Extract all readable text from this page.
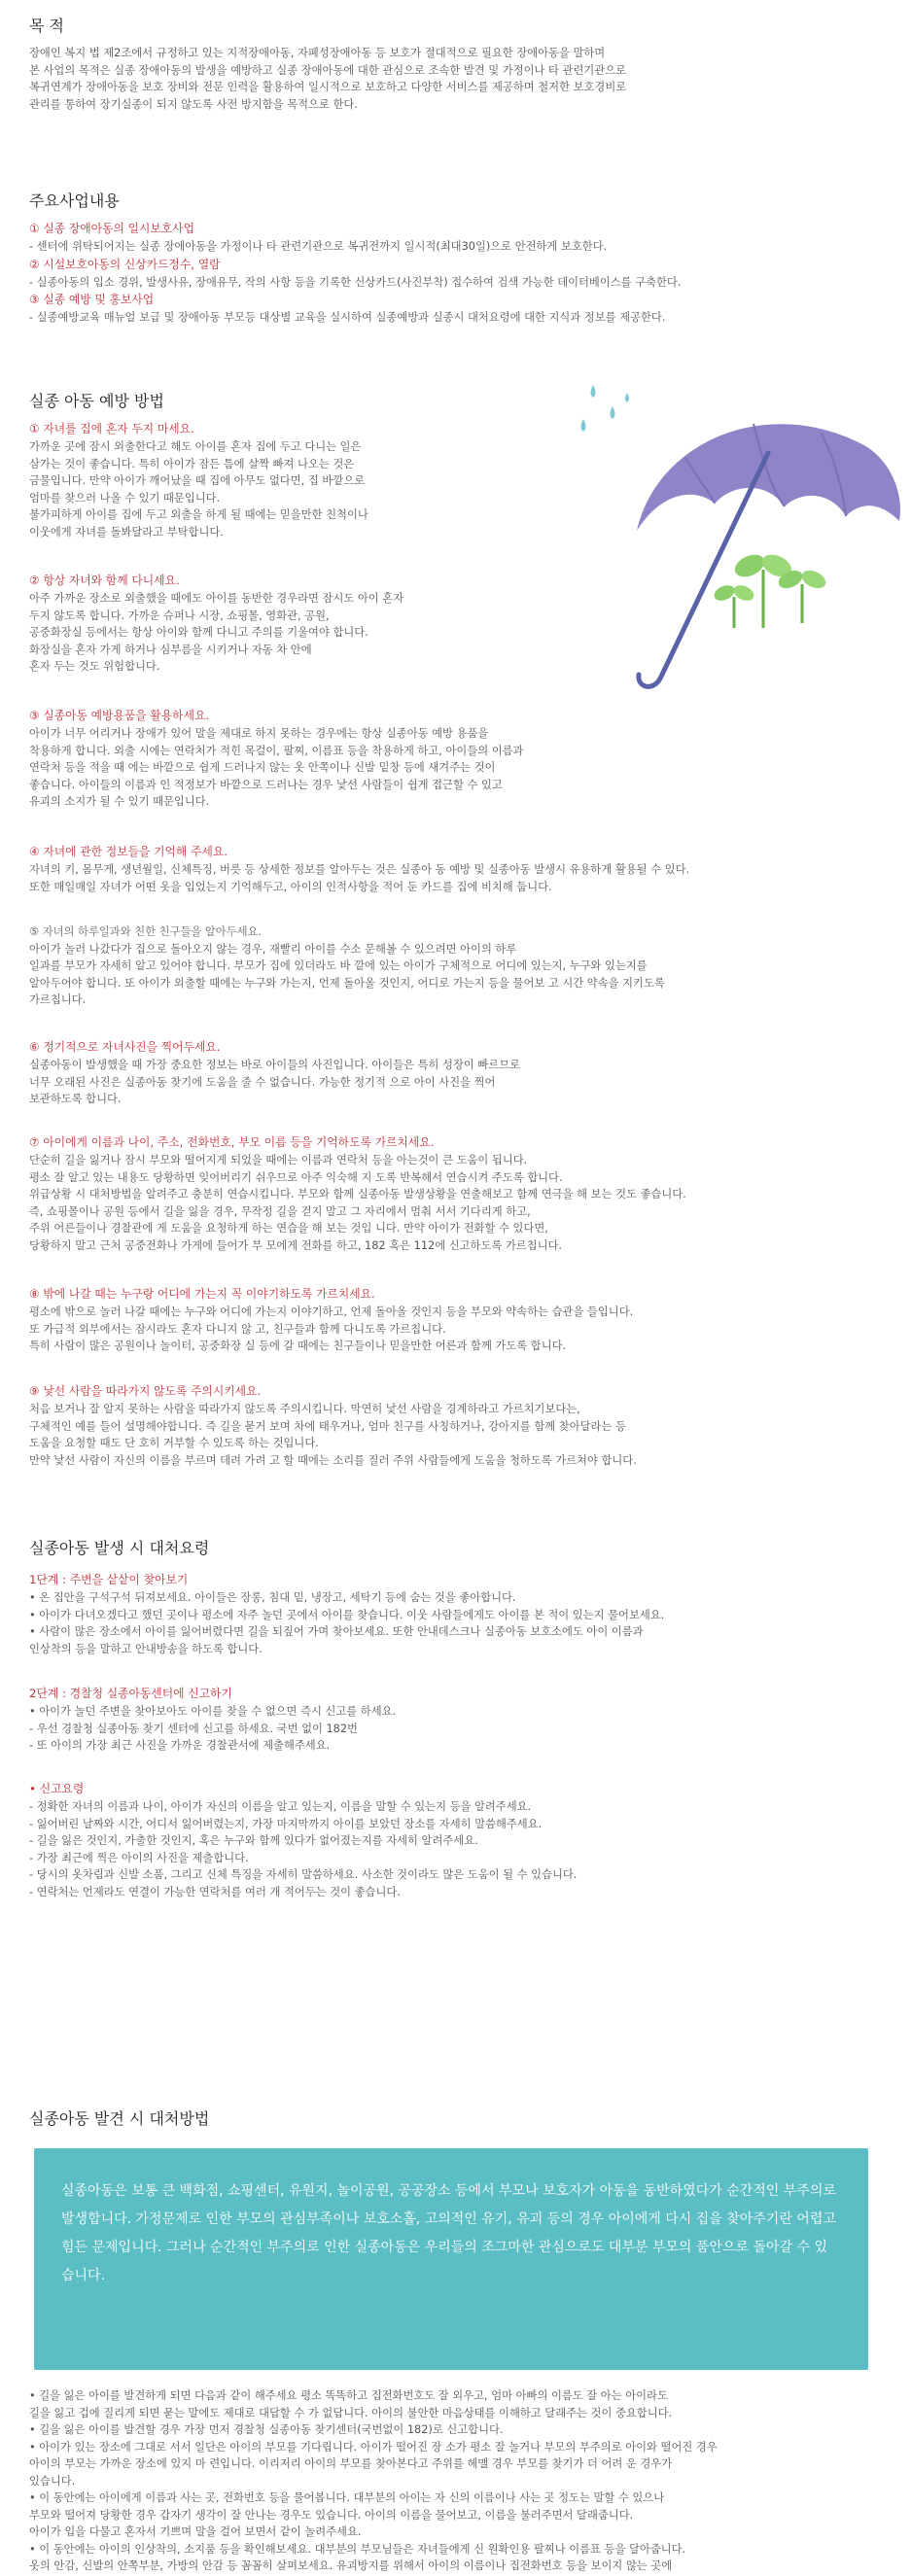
목 적
장애인 복지 법 제2조에서 규정하고 있는 지적장애아동, 자폐성장애아동 등 보호가 절대적으로 필요한 장애아동을 말하며
본 사업의 목적은 실종 장애아동의 발생을 예방하고 실종 장애아동에 대한 관심으로 조속한 발견 및 가정이나 타 관련기관으로
복귀연계가 장애아동을 보호 장비와 전문 인력을 활용하여 일시적으로 보호하고 다양한 서비스를 제공하며 철저한 보호경비로
관리를 통하여 장기실종이 되지 않도록 사전 방지함을 목적으로 한다.
주요사업내용
① 실종 장애아동의 일시보호사업
- 센터에 위탁되어지는 실종 장애아동을 가정이나 타 관련기관으로 복귀전까지 일시적(최대30일)으로 안전하게 보호한다.
② 시설보호아동의 신상카드정수, 열람
- 실종아동의 입소 경위, 발생사유, 장애유무, 작의 사항 등을 기록한 신상카드(사진부착) 접수하여 검색 가능한 데이터베이스를 구축한다.
③ 실종 예방 및 홍보사업
- 실종예방교육 매뉴얼 보급 및 장애아동 부모등 대상별 교육을 실시하여 실종예방과 실종시 대처요령에 대한 지식과 정보를 제공한다.
실종 아동 예방 방법
① 자녀를 집에 혼자 두지 마세요.
가까운 곳에 잠시 외출한다고 해도 아이를 혼자 집에 두고 다니는 일은
삼가는 것이 좋습니다. 특히 아이가 잠든 틈에 살짝 빠져 나오는 것은
금물입니다. 만약 아이가 깨어났을 때 집에 아무도 없다면, 집 바깥으로
엄마를 찾으러 나올 수 있기 때문입니다.
불가피하게 아이를 집에 두고 외출을 하게 될 때에는 믿을만한 친척이나
이웃에게 자녀를 돌봐달라고 부탁합니다.
② 항상 자녀와 함께 다니세요.
아주 가까운 장소로 외출했을 때에도 아이를 동반한 경우라면 잠시도 아이 혼자
두지 않도록 합니다. 가까운 슈퍼나 시장, 쇼핑몰, 영화관, 공원,
공중화장실 등에서는 항상 아이와 함께 다니고 주의를 기울여야 합니다.
화장실을 혼자 가게 하거나 심부름을 시키거나 자동 차 안에
혼자 두는 것도 위험합니다.
③ 실종아동 예방용품을 활용하세요.
아이가 너무 어리거나 장애가 있어 말을 제대로 하지 못하는 경우에는 항상 실종아동 예방 용품을
착용하게 합니다. 외출 시에는 연락처가 적힌 목걸이, 팔찌, 이름표 등을 착용하게 하고, 아이들의 이름과
연락처 등을 적을 때 에는 바깥으로 쉽게 드러나지 않는 옷 안쪽이나 신발 밑창 등에 새겨주는 것이
좋습니다. 아이들의 이름과 인 적정보가 바깥으로 드러나는 경우 낯선 사람들이 쉽게 접근할 수 있고
유괴의 소지가 될 수 있기 때문입니다.
④ 자녀에 관한 정보들을 기억해 주세요.
자녀의 키, 몸무게, 생년월일, 신체특징, 버릇 등 상세한 정보를 알아두는 것은 실종아 동 예방 및 실종아동 발생시 유용하게 활용될 수 있다.
또한 매일매일 자녀가 어떤 옷을 입었는지 기억해두고, 아이의 인적사항을 적어 둔 카드를 집에 비치해 둡니다.
⑤ 자녀의 하루일과와 친한 친구들을 알아두세요.
아이가 놀러 나갔다가 집으로 돌아오지 않는 경우, 재빨리 아이를 수소 문해볼 수 있으려면 아이의 하루
일과를 부모가 자세히 알고 있어야 합니다. 부모가 집에 있더라도 바 깥에 있는 아이가 구체적으로 어디에 있는지, 누구와 있는지를
알아두어야 합니다. 또 아이가 외출할 때에는 누구와 가는지, 언제 돌아올 것인지, 어디로 가는지 등을 물어보 고 시간 약속을 지키도록
가르칩니다.
⑥ 정기적으로 자녀사진을 찍어두세요.
실종아동이 발생했을 때 가장 중요한 정보는 바로 아이들의 사진입니다. 아이들은 특히 성장이 빠르므로
너무 오래된 사진은 실종아동 찾기에 도움을 줄 수 없습니다. 가능한 정기적 으로 아이 사진을 찍어
보관하도록 합니다.
⑦ 아이에게 이름과 나이, 주소, 전화번호, 부모 이름 등을 기억하도록 가르치세요.
단순히 길을 잃거나 잠시 부모와 떨어지게 되었을 때에는 이름과 연락처 등을 아는것이 큰 도움이 됩니다.
평소 잘 알고 있는 내용도 당황하면 잊어버리기 쉬우므로 아주 익숙해 지 도록 반복해서 연습시켜 주도록 합니다.
위급상황 시 대처방법을 알려주고 충분히 연습시킵니다. 부모와 함께 실종아동 발생상황을 연출해보고 함께 연극을 해 보는 것도 좋습니다.
즉, 쇼핑몰이나 공원 등에서 길을 잃을 경우, 무작정 길을 걷지 말고 그 자리에서 멈춰 서서 기다리게 하고,
주위 어른들이나 경찰관에 게 도움을 요청하게 하는 연습을 해 보는 것입 니다. 만약 아이가 전화할 수 있다면,
당황하지 말고 근처 공중전화나 가게에 들어가 부 모에게 전화를 하고, 182 혹은 112에 신고하도록 가르칩니다.
⑧ 밖에 나갈 때는 누구랑 어디에 가는지 꼭 이야기하도록 가르치세요.
평소에 밖으로 놀러 나갈 때에는 누구와 어디에 가는지 이야기하고, 언제 돌아올 것인지 등을 부모와 약속하는 습관을 들입니다.
또 가급적 외부에서는 잠시라도 혼자 다니지 않 고, 친구들과 함께 다니도록 가르칩니다.
특히 사람이 많은 공원이나 놀이터, 공중화장 실 등에 갈 때에는 친구들이나 믿을만한 어른과 함께 가도록 합니다.
⑨ 낯선 사람을 따라가지 않도록 주의시키세요.
처음 보거나 잘 알지 못하는 사람을 따라가지 않도록 주의시킵니다. 막연히 낯선 사람을 경계하라고 가르치기보다는,
구체적인 예를 들어 설명해야합니다. 즉 길을 묻거 보며 차에 태우거나, 엄마 친구를 사칭하거나, 강아지를 함께 찾아달라는 등
도움을 요청할 때도 단 호히 거부할 수 있도록 하는 것입니다.
만약 낯선 사람이 자신의 이름을 부르며 데려 가려 고 할 때에는 소리를 질러 주위 사람들에게 도움을 청하도록 가르쳐야 합니다.
실종아동 발생 시 대처요령
1단계 : 주변을 샅샅이 찾아보기
• 온 집안을 구석구석 뒤져보세요. 아이들은 장롱, 침대 밑, 냉장고, 세탁기 등에 숨는 것을 좋아합니다.
• 아이가 다녀오겠다고 했던 곳이나 평소에 자주 놀던 곳에서 아이를 찾습니다. 이웃 사람들에게도 아이를 본 적이 있는지 물어보세요.
• 사람이 많은 장소에서 아이를 잃어버렸다면 길을 되짚어 가며 찾아보세요. 또한 안내데스크나 실종아동 보호소에도 아이 이름과
인상착의 등을 말하고 안내방송을 하도록 합니다.
2단계 : 경찰청 실종아동센터에 신고하기
• 아이가 놀던 주변을 찾아보아도 아이를 찾을 수 없으면 즉시 신고를 하세요.
- 우선 경찰청 실종아동 찾기 센터에 신고를 하세요. 국번 없이 182번
- 또 아이의 가장 최근 사진을 가까운 경찰관서에 제출해주세요.
• 신고요령
- 정확한 자녀의 이름과 나이, 아이가 자신의 이름을 알고 있는지, 이름을 말할 수 있는지 등을 알려주세요.
- 잃어버린 날짜와 시간, 어디서 잃어버렸는지, 가장 마지막까지 아이를 보았던 장소를 자세히 말씀해주세요.
- 길을 잃은 것인지, 가출한 것인지, 혹은 누구와 함께 있다가 없어졌는지를 자세히 알려주세요.
- 가장 최근에 찍은 아이의 사진을 제출합니다.
- 당시의 옷차림과 신발 소품, 그리고 신체 특징을 자세히 말씀하세요. 사소한 것이라도 많은 도움이 될 수 있습니다.
- 연락처는 언제라도 연결이 가능한 연락처를 여러 개 적어두는 것이 좋습니다.
실종아동 발견 시 대처방법

실종아동은 보통 큰 백화점, 쇼핑센터, 유원지, 놀이공원, 공공장소 등에서 부모나 보호자가 아동을 동반하였다가 순간적인 부주의로 발생합니다. 가정문제로 인한 부모의 관심부족이나 보호소홀, 고의적인 유기, 유괴 등의 경우 아이에게 다시 집을 찾아주기란 어렵고 힘든 문제입니다. 그러나 순간적인 부주의로 인한 실종아동은 우리들의 조그마한 관심으로도 대부분 부모의 품안으로 돌아갈 수 있습니다.

• 길을 잃은 아이를 발견하게 되면 다음과 같이 해주세요 평소 똑똑하고 집전화번호도 잘 외우고, 엄마 아빠의 이름도 잘 아는 아이라도
길을 잃고 겁에 질리게 되면 묻는 말에도 제대로 대답할 수 가 없답니다. 아이의 불안한 마음상태를 이해하고 달래주는 것이 중요합니다.
• 길을 잃은 아이를 발견할 경우 가장 먼저 경찰청 실종아동 찾기센터(국번없이 182)로 신고합니다.
• 아이가 있는 장소에 그대로 서서 일단은 아이의 부모를 기다립니다. 아이가 떨어진 장 소가 평소 잘 놀거나 부모의 부주의로 아이와 떨어진 경우
아이의 부모는 가까운 장소에 있지 마 련입니다. 이리저리 아이의 부모를 찾아본다고 주위를 헤맬 경우 부모를 찾기가 더 어려 운 경우가
있습니다.
• 이 동안에는 아이에게 이름과 사는 곳, 전화번호 등을 물어봅니다. 대부분의 아이는 자 신의 이름이나 사는 곳 정도는 말할 수 있으나
부모와 떨어져 당황한 경우 갑자기 생각이 잘 안나는 경우도 있습니다. 아이의 이름을 물어보고, 이름을 불러주면서 달래줍니다.
아이가 입을 다물고 혼자서 기쁘며 말을 걸어 보면서 같이 놀려주세요.
• 이 동안에는 아이의 인상착의, 소지품 등을 확인해보세요. 대부분의 부모님들은 자녀들에게 신 원확인용 팔찌나 이름표 등을 달아줍니다.
옷의 안감, 신발의 안쪽부분, 가방의 안감 등 꼼꼼히 살펴보세요. 유괴방지를 위해서 아이의 이름이나 집전화번호 등을 보이지 않는 곳에
